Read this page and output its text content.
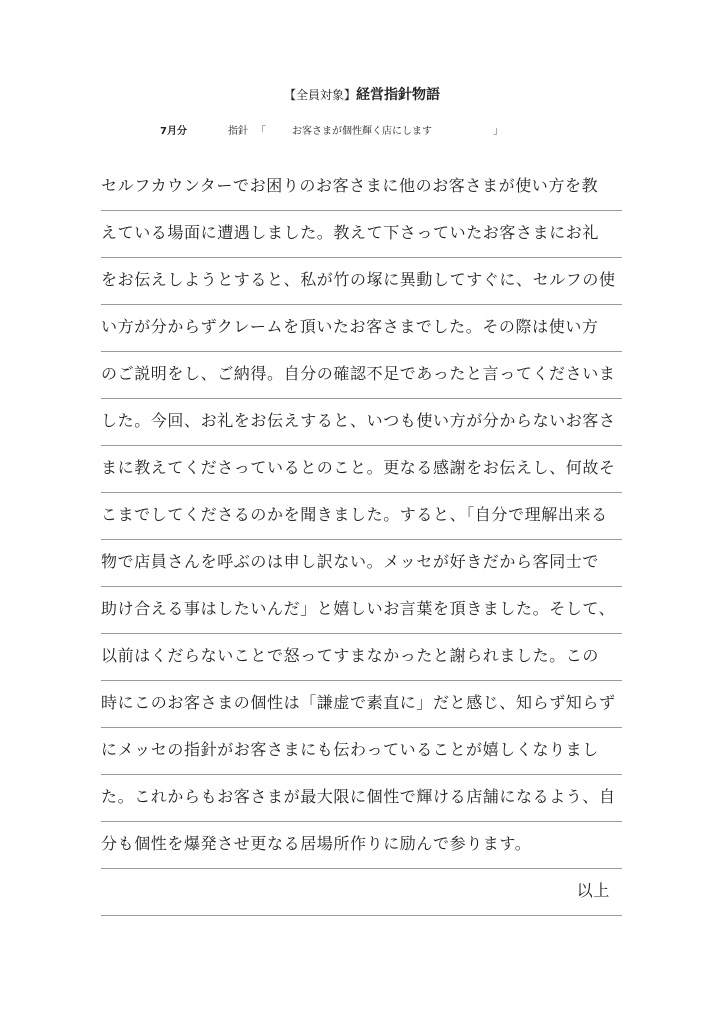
【全員対象】経営指針物語
7月分	指針 「	お客さまが個性輝く店にします	」
セルフカウンターでお困りのお客さまに他のお客さまが使い方を教
えている場面に遭遇しました。教えて下さっていたお客さまにお礼
をお伝えしようとすると、私が竹の塚に異動してすぐに、セルフの使
い方が分からずクレームを頂いたお客さまでした。その際は使い方
のご説明をし、ご納得。自分の確認不足であったと言ってくださいま
した。今回、お礼をお伝えすると、いつも使い方が分からないお客さ
まに教えてくださっているとのこと。更なる感謝をお伝えし、何故そ
こまでしてくださるのかを聞きました。すると、「自分で理解出来る
物で店員さんを呼ぶのは申し訳ない。メッセが好きだから客同士で
助け合える事はしたいんだ」と嬉しいお言葉を頂きました。そして、
以前はくだらないことで怒ってすまなかったと謝られました。この
時にこのお客さまの個性は「謙虚で素直に」だと感じ、知らず知らず
にメッセの指針がお客さまにも伝わっていることが嬉しくなりまし
た。これからもお客さまが最大限に個性で輝ける店舗になるよう、自
分も個性を爆発させ更なる居場所作りに励んで参ります。
以上
